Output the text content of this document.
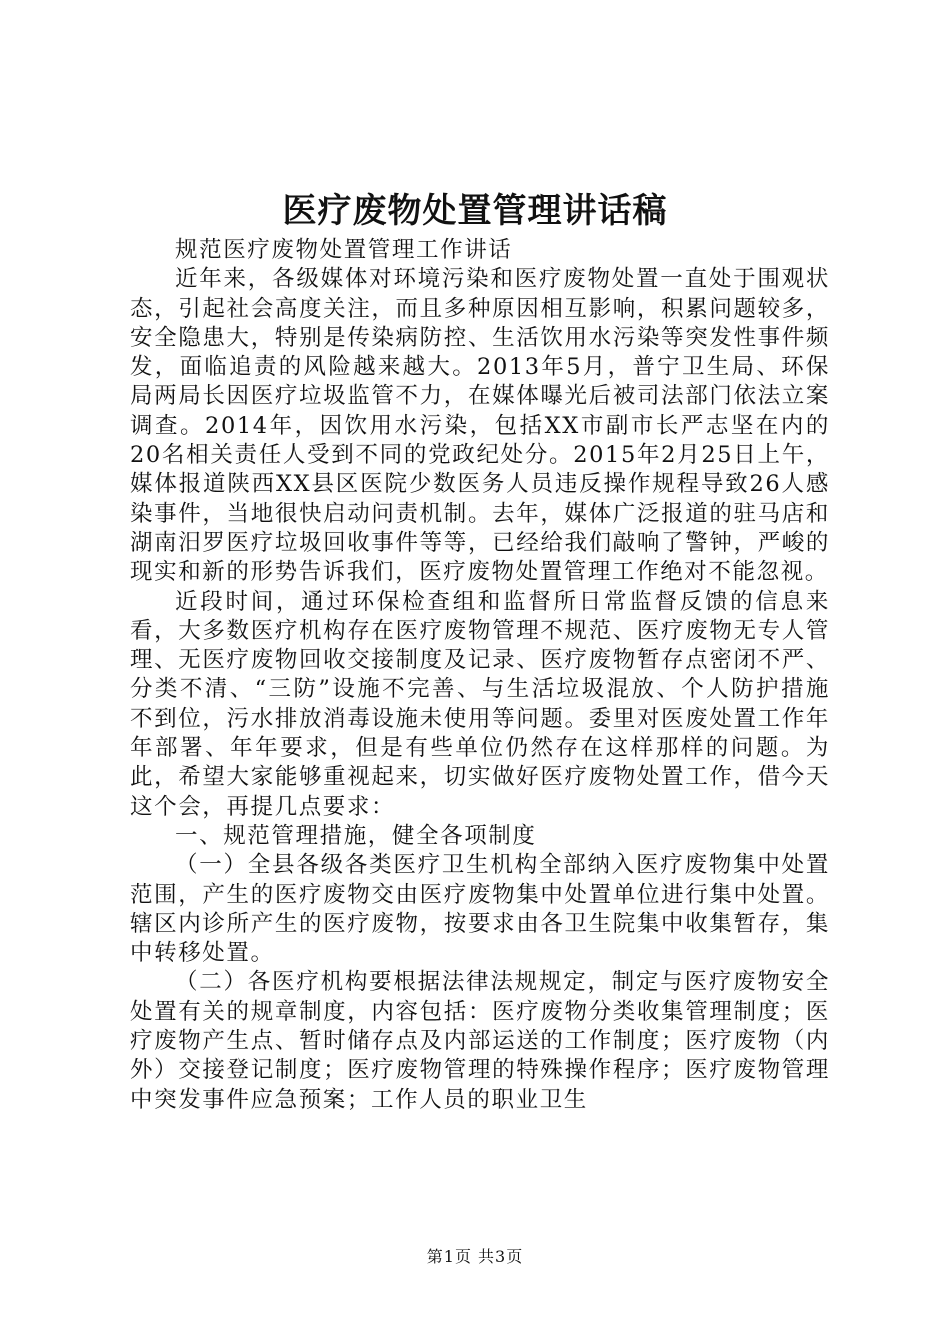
医疗废物处置管理讲话稿

规范医疗废物处置管理工作讲话

近年来，各级媒体对环境污染和医疗废物处置一直处于围观状态，引起社会高度关注，而且多种原因相互影响，积累问题较多，安全隐患大，特别是传染病防控、生活饮用水污染等突发性事件频发，面临追责的风险越来越大。2013年5月，普宁卫生局、环保局两局长因医疗垃圾监管不力，在媒体曝光后被司法部门依法立案调查。2014年，因饮用水污染，包括XX市副市长严志坚在内的20名相关责任人受到不同的党政纪处分。2015年2月25日上午，媒体报道陕西XX县区医院少数医务人员违反操作规程导致26人感染事件，当地很快启动问责机制。去年，媒体广泛报道的驻马店和湖南汨罗医疗垃圾回收事件等等，已经给我们敲响了警钟，严峻的现实和新的形势告诉我们，医疗废物处置管理工作绝对不能忽视。

近段时间，通过环保检查组和监督所日常监督反馈的信息来看，大多数医疗机构存在医疗废物管理不规范、医疗废物无专人管理、无医疗废物回收交接制度及记录、医疗废物暂存点密闭不严、分类不清、“三防”设施不完善、与生活垃圾混放、个人防护措施不到位，污水排放消毒设施未使用等问题。委里对医废处置工作年年部署、年年要求，但是有些单位仍然存在这样那样的问题。为此，希望大家能够重视起来，切实做好医疗废物处置工作，借今天这个会，再提几点要求：

一、规范管理措施，健全各项制度

（一）全县各级各类医疗卫生机构全部纳入医疗废物集中处置范围，产生的医疗废物交由医疗废物集中处置单位进行集中处置。辖区内诊所产生的医疗废物，按要求由各卫生院集中收集暂存，集中转移处置。

（二）各医疗机构要根据法律法规规定，制定与医疗废物安全处置有关的规章制度，内容包括：医疗废物分类收集管理制度；医疗废物产生点、暂时储存点及内部运送的工作制度；医疗废物（内外）交接登记制度；医疗废物管理的特殊操作程序；医疗废物管理中突发事件应急预案；工作人员的职业卫生

第1页 共3页
